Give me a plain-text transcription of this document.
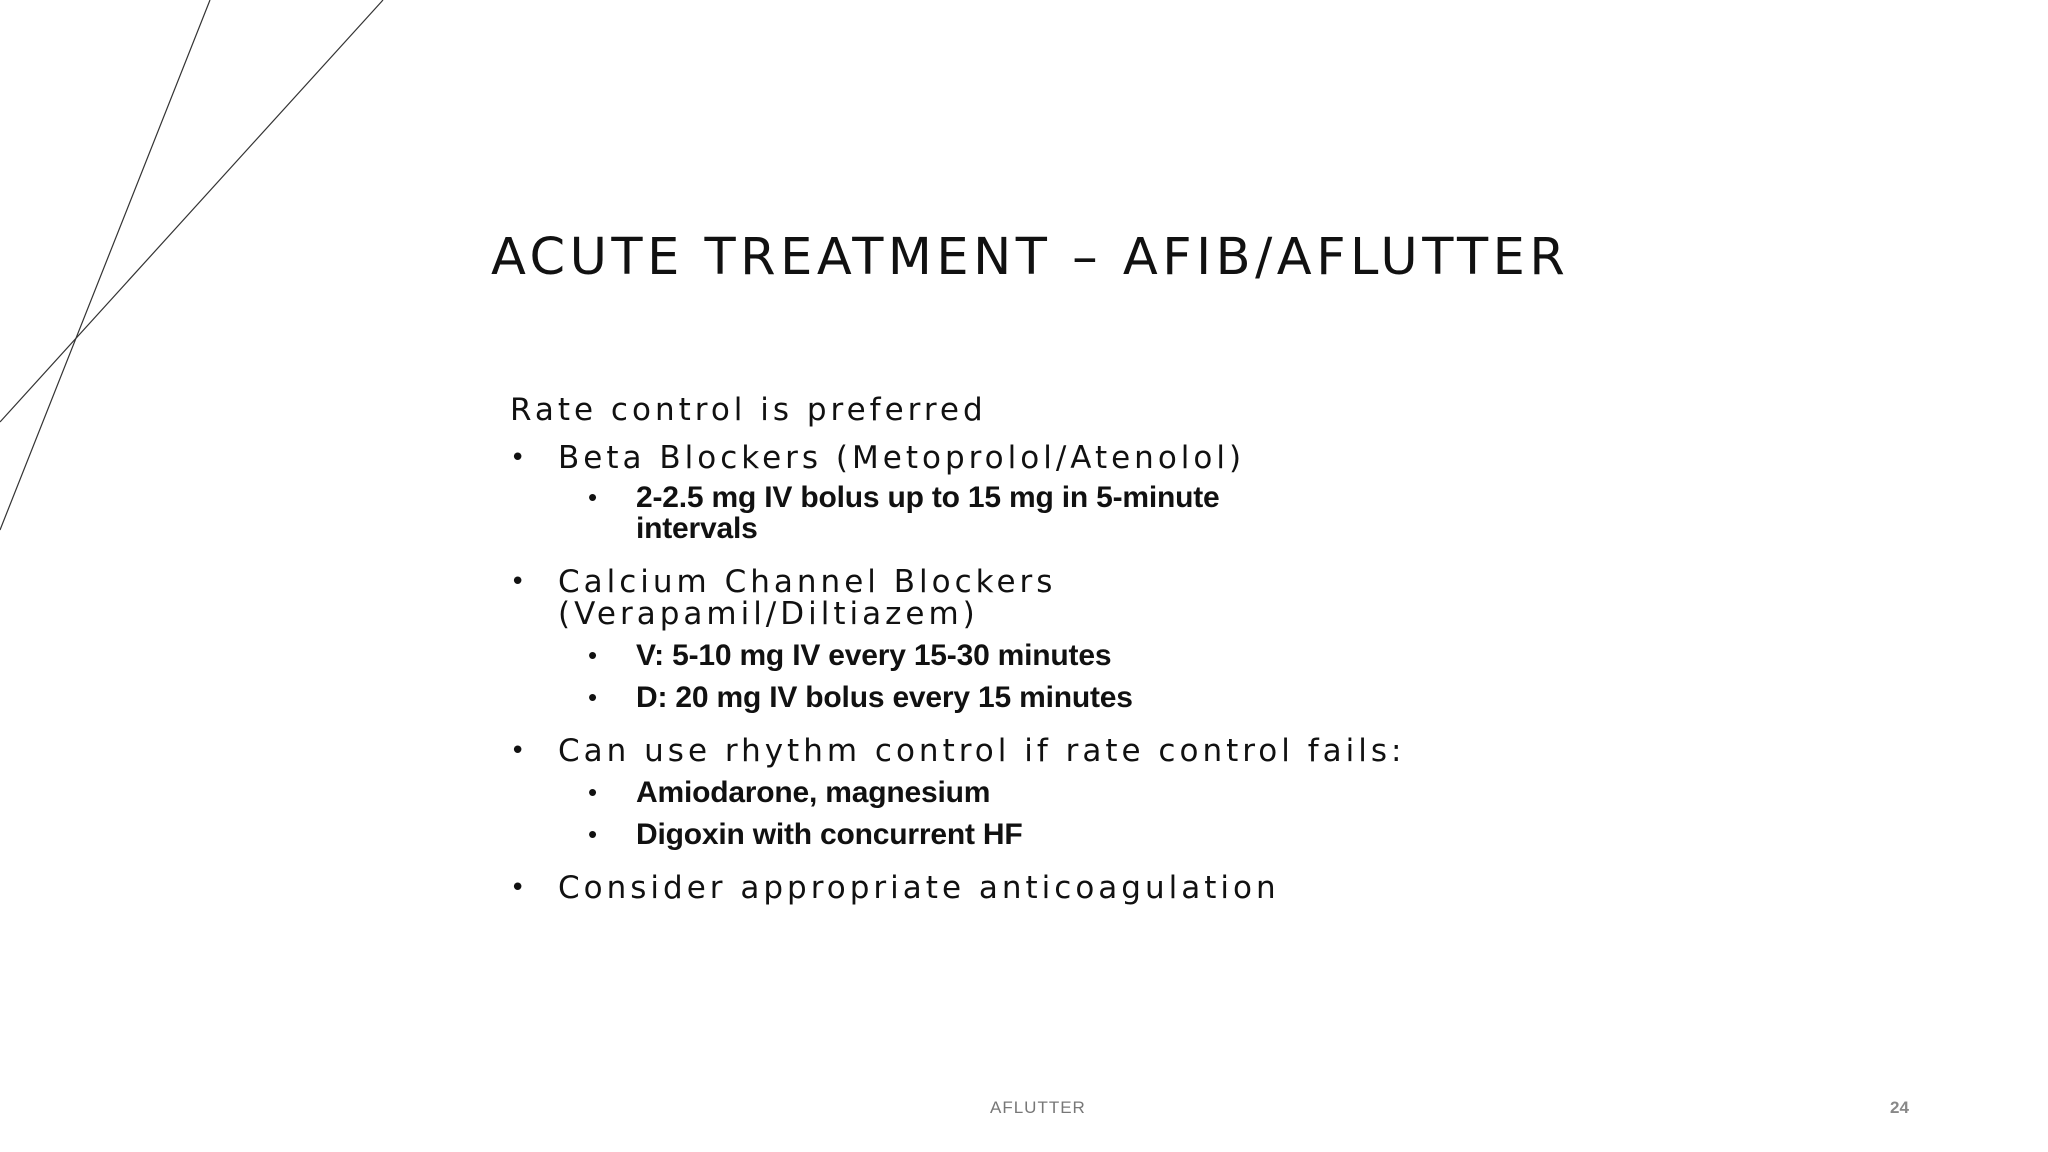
ACUTE TREATMENT – AFIB/AFLUTTER
Rate control is preferred
• Beta Blockers (Metoprolol/Atenolol)
•	2-2.5 mg IV bolus up to 15 mg in 5-minute intervals
• Calcium Channel Blockers (Verapamil/Diltiazem)
•	V: 5-10 mg IV every 15-30 minutes
•	D: 20 mg IV bolus every 15 minutes
• Can use rhythm control if rate control fails:
•	Amiodarone, magnesium
•	Digoxin with concurrent HF
• Consider appropriate anticoagulation
AFLUTTER	24
